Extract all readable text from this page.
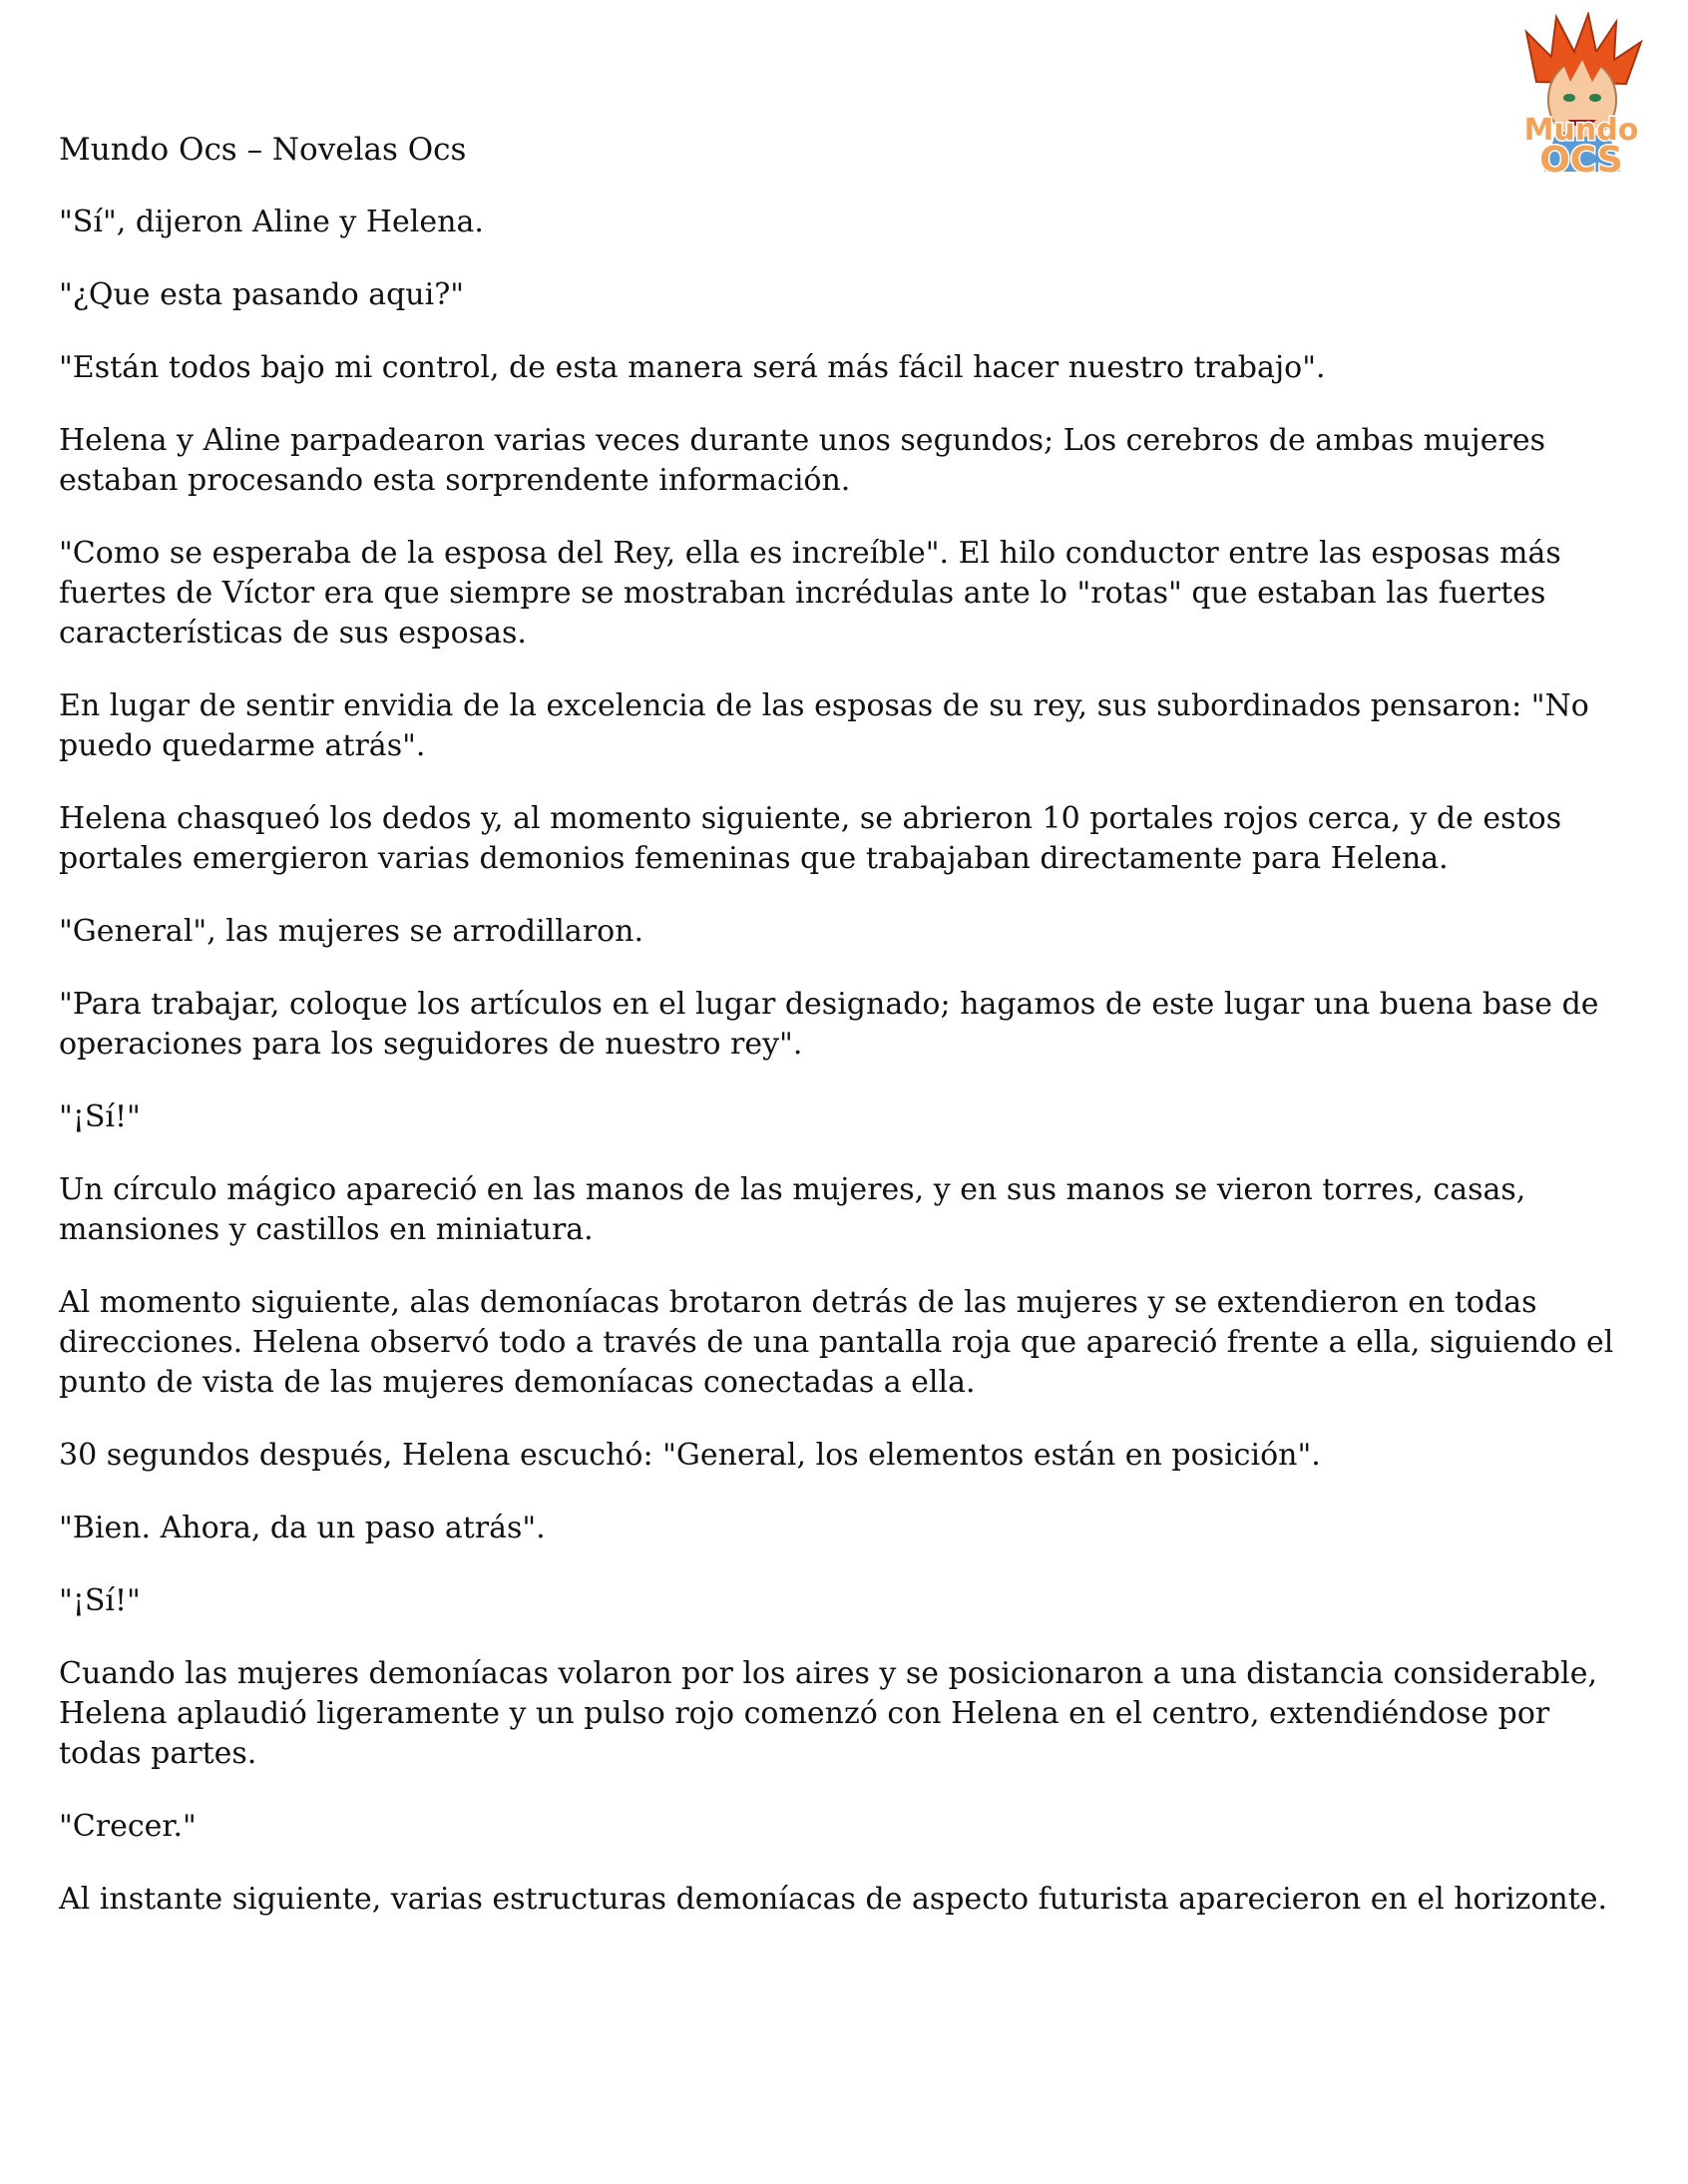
Mundo
OCS

Mundo Ocs – Novelas Ocs

"Sí", dijeron Aline y Helena.

"¿Que esta pasando aqui?"

"Están todos bajo mi control, de esta manera será más fácil hacer nuestro trabajo".

Helena y Aline parpadearon varias veces durante unos segundos; Los cerebros de ambas mujeres estaban procesando esta sorprendente información.

"Como se esperaba de la esposa del Rey, ella es increíble". El hilo conductor entre las esposas más fuertes de Víctor era que siempre se mostraban incrédulas ante lo "rotas" que estaban las fuertes características de sus esposas.

En lugar de sentir envidia de la excelencia de las esposas de su rey, sus subordinados pensaron: "No puedo quedarme atrás".

Helena chasqueó los dedos y, al momento siguiente, se abrieron 10 portales rojos cerca, y de estos portales emergieron varias demonios femeninas que trabajaban directamente para Helena.

"General", las mujeres se arrodillaron.

"Para trabajar, coloque los artículos en el lugar designado; hagamos de este lugar una buena base de operaciones para los seguidores de nuestro rey".

"¡Sí!"

Un círculo mágico apareció en las manos de las mujeres, y en sus manos se vieron torres, casas, mansiones y castillos en miniatura.

Al momento siguiente, alas demoníacas brotaron detrás de las mujeres y se extendieron en todas direcciones. Helena observó todo a través de una pantalla roja que apareció frente a ella, siguiendo el punto de vista de las mujeres demoníacas conectadas a ella.

30 segundos después, Helena escuchó: "General, los elementos están en posición".

"Bien. Ahora, da un paso atrás".

"¡Sí!"

Cuando las mujeres demoníacas volaron por los aires y se posicionaron a una distancia considerable, Helena aplaudió ligeramente y un pulso rojo comenzó con Helena en el centro, extendiéndose por todas partes.

"Crecer."

Al instante siguiente, varias estructuras demoníacas de aspecto futurista aparecieron en el horizonte.
